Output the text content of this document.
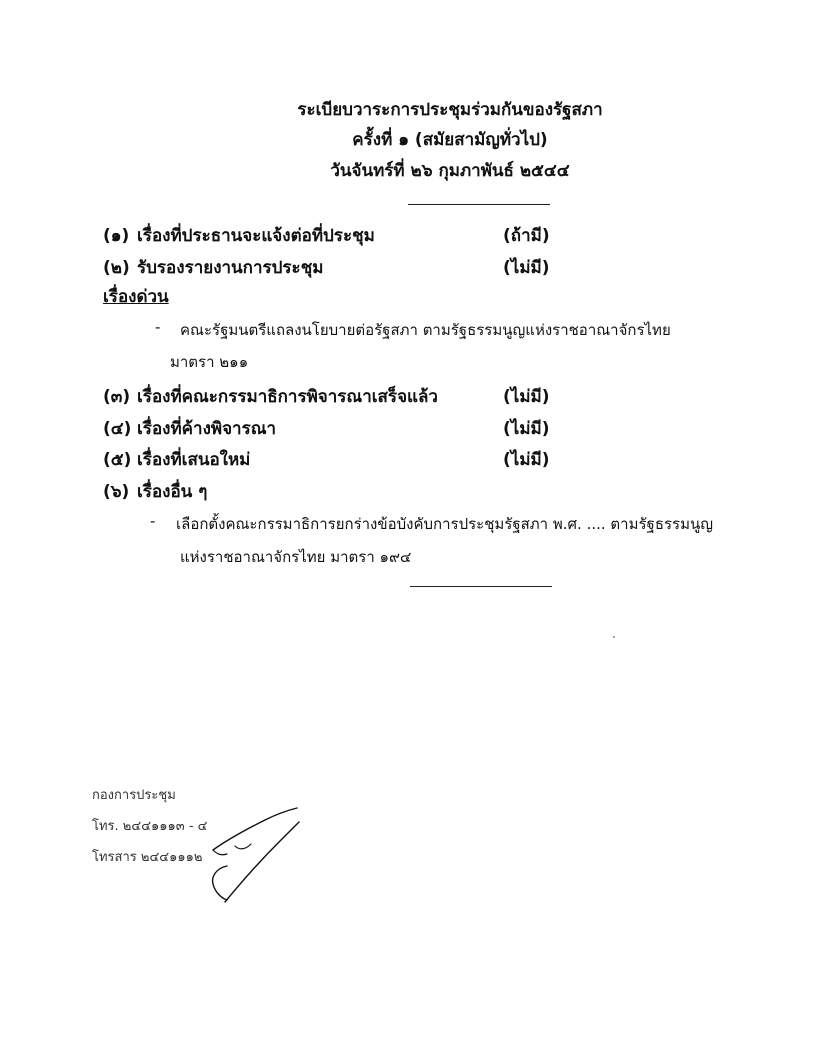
ระเบียบวาระการประชุมร่วมกันของรัฐสภา
ครั้งที่ ๑ (สมัยสามัญทั่วไป)
วันจันทร์ที่ ๒๖ กุมภาพันธ์ ๒๕๔๔
(๑) เรื่องที่ประธานจะแจ้งต่อที่ประชุม	(ถ้ามี)
(๒) รับรองรายงานการประชุม	(ไม่มี)
เรื่องด่วน
- คณะรัฐมนตรีแถลงนโยบายต่อรัฐสภา ตามรัฐธรรมนูญแห่งราชอาณาจักรไทย
มาตรา ๒๑๑
(๓) เรื่องที่คณะกรรมาธิการพิจารณาเสร็จแล้ว	(ไม่มี)
(๔) เรื่องที่ค้างพิจารณา	(ไม่มี)
(๕) เรื่องที่เสนอใหม่	(ไม่มี)
(๖) เรื่องอื่น ๆ
- เลือกตั้งคณะกรรมาธิการยกร่างข้อบังคับการประชุมรัฐสภา พ.ศ. .... ตามรัฐธรรมนูญ
แห่งราชอาณาจักรไทย มาตรา ๑๙๔
กองการประชุม
โทร. ๒๔๔๑๑๑๓ - ๔
โทรสาร ๒๔๔๑๑๑๒
